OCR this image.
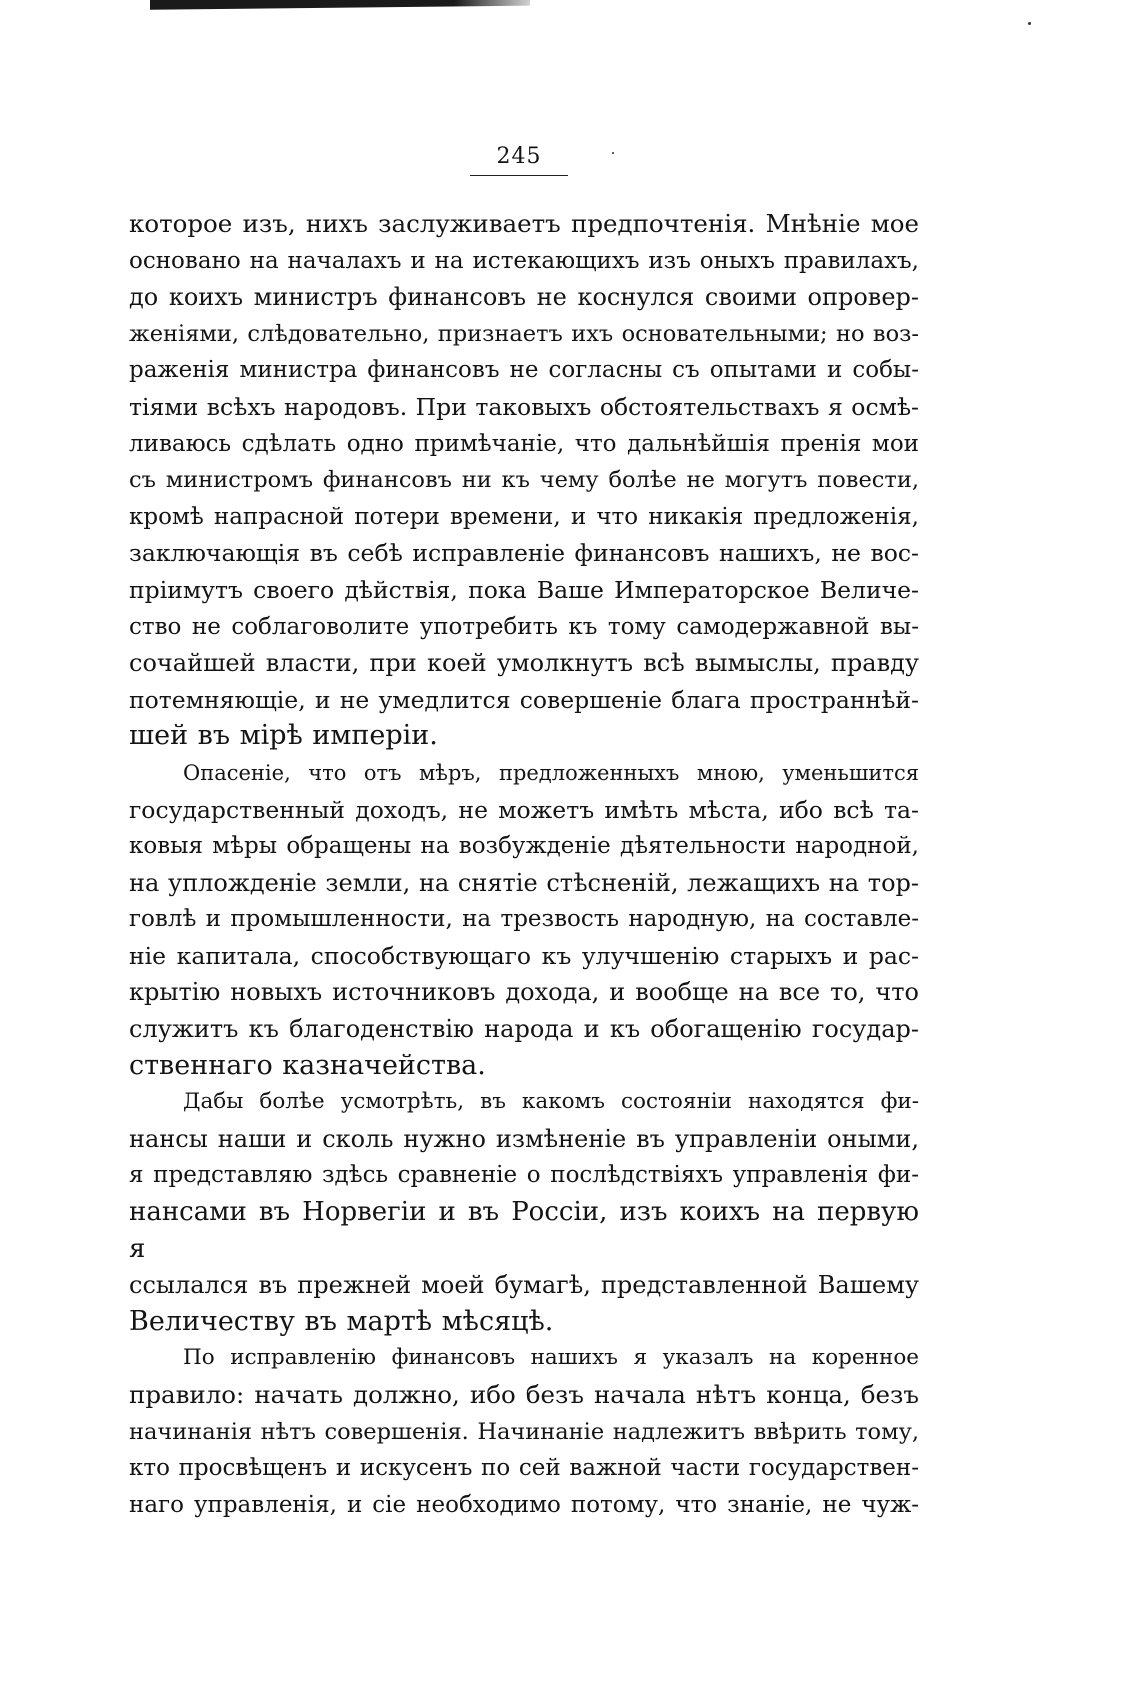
245

которое изъ, нихъ заслуживаетъ предпочтенія. Мнѣніе мое
основано на началахъ и на истекающихъ изъ оныхъ правилахъ,
до коихъ министръ финансовъ не коснулся своими опровер-
женіями, слѣдовательно, признаетъ ихъ основательными; но воз-
раженія министра финансовъ не согласны съ опытами и собы-
тіями всѣхъ народовъ. При таковыхъ обстоятельствахъ я осмѣ-
ливаюсь сдѣлать одно примѣчаніе, что дальнѣйшія пренія мои
съ министромъ финансовъ ни къ чему болѣе не могутъ повести,
кромѣ напрасной потери времени, и что никакія предложенія,
заключающія въ себѣ исправленіе финансовъ нашихъ, не вос-
пріимутъ своего дѣйствія, пока Ваше Императорское Величе-
ство не соблаговолите употребить къ тому самодержавной вы-
сочайшей власти, при коей умолкнутъ всѣ вымыслы, правду
потемняющіе, и не умедлится совершеніе блага пространнѣй-
шей въ мірѣ имперіи.

Опасеніе, что отъ мѣръ, предложенныхъ мною, уменьшится
государственный доходъ, не можетъ имѣть мѣста, ибо всѣ та-
ковыя мѣры обращены на возбужденіе дѣятельности народной,
на упложденіе земли, на снятіе стѣсненій, лежащихъ на тор-
говлѣ и промышленности, на трезвость народную, на составле-
ніе капитала, способствующаго къ улучшенію старыхъ и рас-
крытію новыхъ источниковъ дохода, и вообще на все то, что
служитъ къ благоденствію народа и къ обогащенію государ-
ственнаго казначейства.

Дабы болѣе усмотрѣть, въ какомъ состояніи находятся фи-
нансы наши и сколь нужно измѣненіе въ управленіи оными,
я представляю здѣсь сравненіе о послѣдствіяхъ управленія фи-
нансами въ Норвегіи и въ Россіи, изъ коихъ на первую я
ссылался въ прежней моей бумагѣ, представленной Вашему
Величеству въ мартѣ мѣсяцѣ.

По исправленію финансовъ нашихъ я указалъ на коренное
правило: начать должно, ибо безъ начала нѣтъ конца, безъ
начинанія нѣтъ совершенія. Начинаніе надлежитъ ввѣрить тому,
кто просвѣщенъ и искусенъ по сей важной части государствен-
наго управленія, и сіе необходимо потому, что знаніе, не чуж-
